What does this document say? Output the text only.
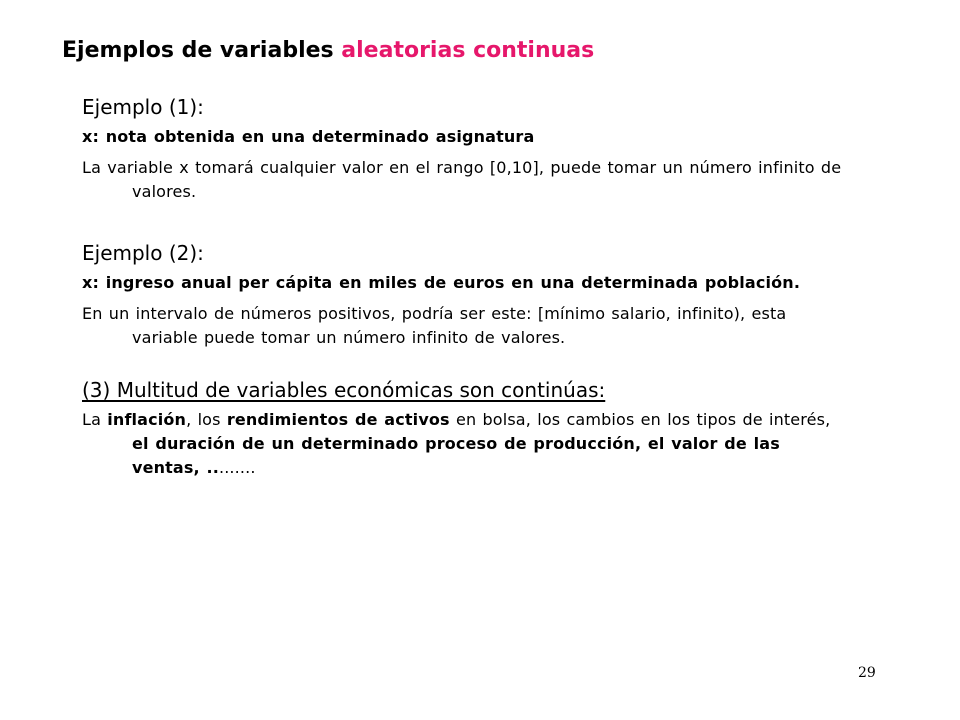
Ejemplos de variables aleatorias continuas

Ejemplo (1):

x: nota obtenida en una determinado asignatura

La variable x tomará cualquier valor en el rango [0,10], puede tomar un número infinito de valores.

Ejemplo (2):

x: ingreso anual per cápita en miles de euros en una determinada población.

En un intervalo de números positivos, podría ser este: [mínimo salario, infinito), esta variable puede tomar un número infinito de valores.

(3) Multitud de variables económicas son continúas:

La inflación, los rendimientos de activos en bolsa, los cambios en los tipos de interés, el duración de un determinado proceso de producción, el valor de las ventas, .........

29
